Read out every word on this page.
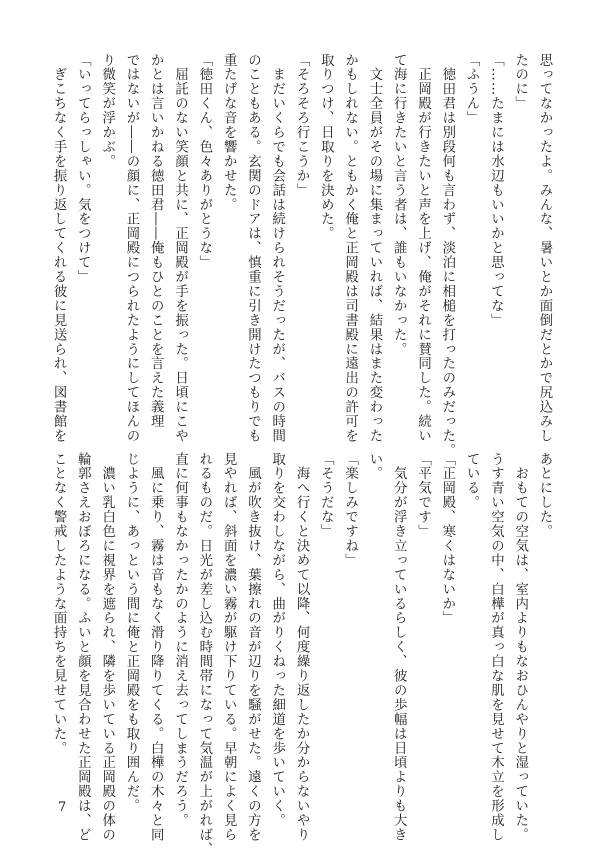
思ってなかったよ。みんな、暑いとか面倒だとかで尻込みし

たのに」

「……たまには水辺もいいかと思ってな」

「ふうん」

　徳田君は別段何も言わず、淡泊に相槌を打ったのみだった。

　正岡殿が行きたいと声を上げ、俺がそれに賛同した。続い

て海に行きたいと言う者は、誰もいなかった。

　文士全員がその場に集まっていれば、結果はまた変わった

かもしれない。ともかく俺と正岡殿は司書殿に遠出の許可を

取りつけ、日取りを決めた。

「そろそろ行こうか」

　まだいくらでも会話は続けられそうだったが、バスの時間

のこともある。玄関のドアは、慎重に引き開けたつもりでも

重たげな音を響かせた。

「徳田くん、色々ありがとうな」

　屈託のない笑顔と共に、正岡殿が手を振った。日頃にこや

かとは言いかねる徳田君――俺もひとのことを言えた義理

ではないが――の顔に、正岡殿につられたようにしてほんの

り微笑が浮かぶ。

「いってらっしゃい。気をつけて」

　ぎこちなく手を振り返してくれる彼に見送られ、図書館を

あとにした。

　おもての空気は、室内よりもなおひんやりと湿っていた。

うす青い空気の中、白樺が真っ白な肌を見せて木立を形成し

ている。

「正岡殿、寒くはないか」

「平気です」

　気分が浮き立っているらしく、彼の歩幅は日頃よりも大き

い。

「楽しみですね」

「そうだな」

　海へ行くと決めて以降、何度繰り返したか分からないやり

取りを交わしながら、曲がりくねった細道を歩いていく。

　風が吹き抜け、葉擦れの音が辺りを騒がせた。遠くの方を

見やれば、斜面を濃い霧が駆け下りている。早朝によく見ら

れるものだ。日光が差し込む時間帯になって気温が上がれば、

直に何事もなかったかのように消え去ってしまうだろう。

　風に乗り、霧は音もなく滑り降りてくる。白樺の木々と同

じように、あっという間に俺と正岡殿をも取り囲んだ。

　濃い乳白色に視界を遮られ、隣を歩いている正岡殿の体の

輪郭さえおぼろになる。ふいと顔を見合わせた正岡殿は、ど

ことなく警戒したような面持ちを見せていた。

7
